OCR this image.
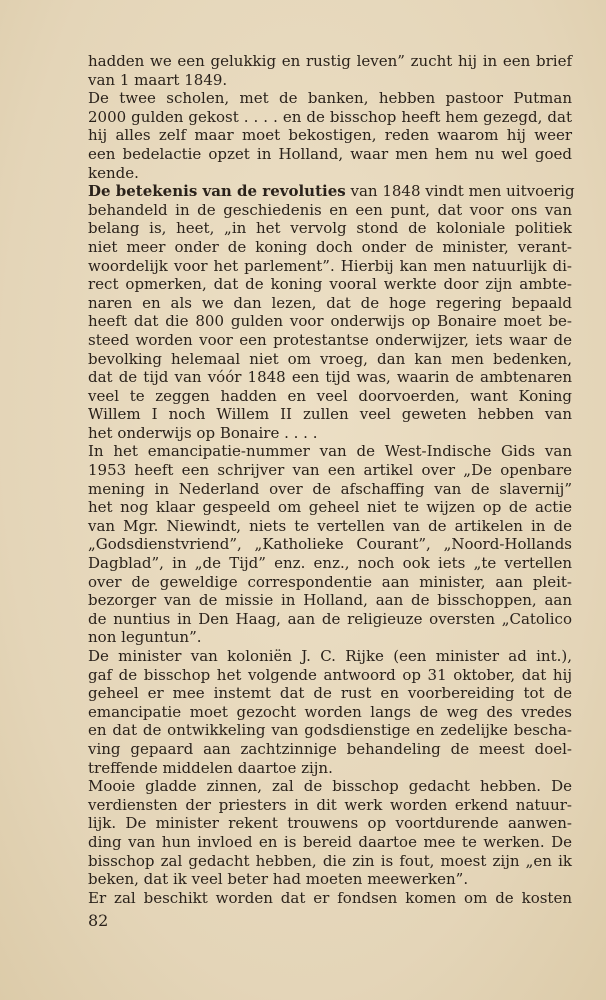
hadden we een gelukkig en rustig leven” zucht hij in een brief
van 1 maart 1849.
De twee scholen, met de banken, hebben pastoor Putman
2000 gulden gekost . . . . en de bisschop heeft hem gezegd, dat
hij alles zelf maar moet bekostigen, reden waarom hij weer
een bedelactie opzet in Holland, waar men hem nu wel goed
kende.
De betekenis van de revoluties van 1848 vindt men uitvoerig
behandeld in de geschiedenis en een punt, dat voor ons van
belang is, heet, „in het vervolg stond de koloniale politiek
niet meer onder de koning doch onder de minister, verant-
woordelijk voor het parlement”. Hierbij kan men natuurlijk di-
rect opmerken, dat de koning vooral werkte door zijn ambte-
naren en als we dan lezen, dat de hoge regering bepaald
heeft dat die 800 gulden voor onderwijs op Bonaire moet be-
steed worden voor een protestantse onderwijzer, iets waar de
bevolking helemaal niet om vroeg, dan kan men bedenken,
dat de tijd van vóór 1848 een tijd was, waarin de ambtenaren
veel te zeggen hadden en veel doorvoerden, want Koning
Willem I noch Willem II zullen veel geweten hebben van
het onderwijs op Bonaire . . . .
In het emancipatie-nummer van de West-Indische Gids van
1953 heeft een schrijver van een artikel over „De openbare
mening in Nederland over de afschaffing van de slavernij”
het nog klaar gespeeld om geheel niet te wijzen op de actie
van Mgr. Niewindt, niets te vertellen van de artikelen in de
„Godsdienstvriend”, „Katholieke Courant”, „Noord-Hollands
Dagblad”, in „de Tijd” enz. enz., noch ook iets „te vertellen
over de geweldige correspondentie aan minister, aan pleit-
bezorger van de missie in Holland, aan de bisschoppen, aan
de nuntius in Den Haag, aan de religieuze oversten „Catolico
non leguntun”.
De minister van koloniën J. C. Rijke (een minister ad int.),
gaf de bisschop het volgende antwoord op 31 oktober, dat hij
geheel er mee instemt dat de rust en voorbereiding tot de
emancipatie moet gezocht worden langs de weg des vredes
en dat de ontwikkeling van godsdienstige en zedelijke bescha-
ving gepaard aan zachtzinnige behandeling de meest doel-
treffende middelen daartoe zijn.
Mooie gladde zinnen, zal de bisschop gedacht hebben. De
verdiensten der priesters in dit werk worden erkend natuur-
lijk. De minister rekent trouwens op voortdurende aanwen-
ding van hun invloed en is bereid daartoe mee te werken. De
bisschop zal gedacht hebben, die zin is fout, moest zijn „en ik
beken, dat ik veel beter had moeten meewerken”.
Er zal beschikt worden dat er fondsen komen om de kosten
82
